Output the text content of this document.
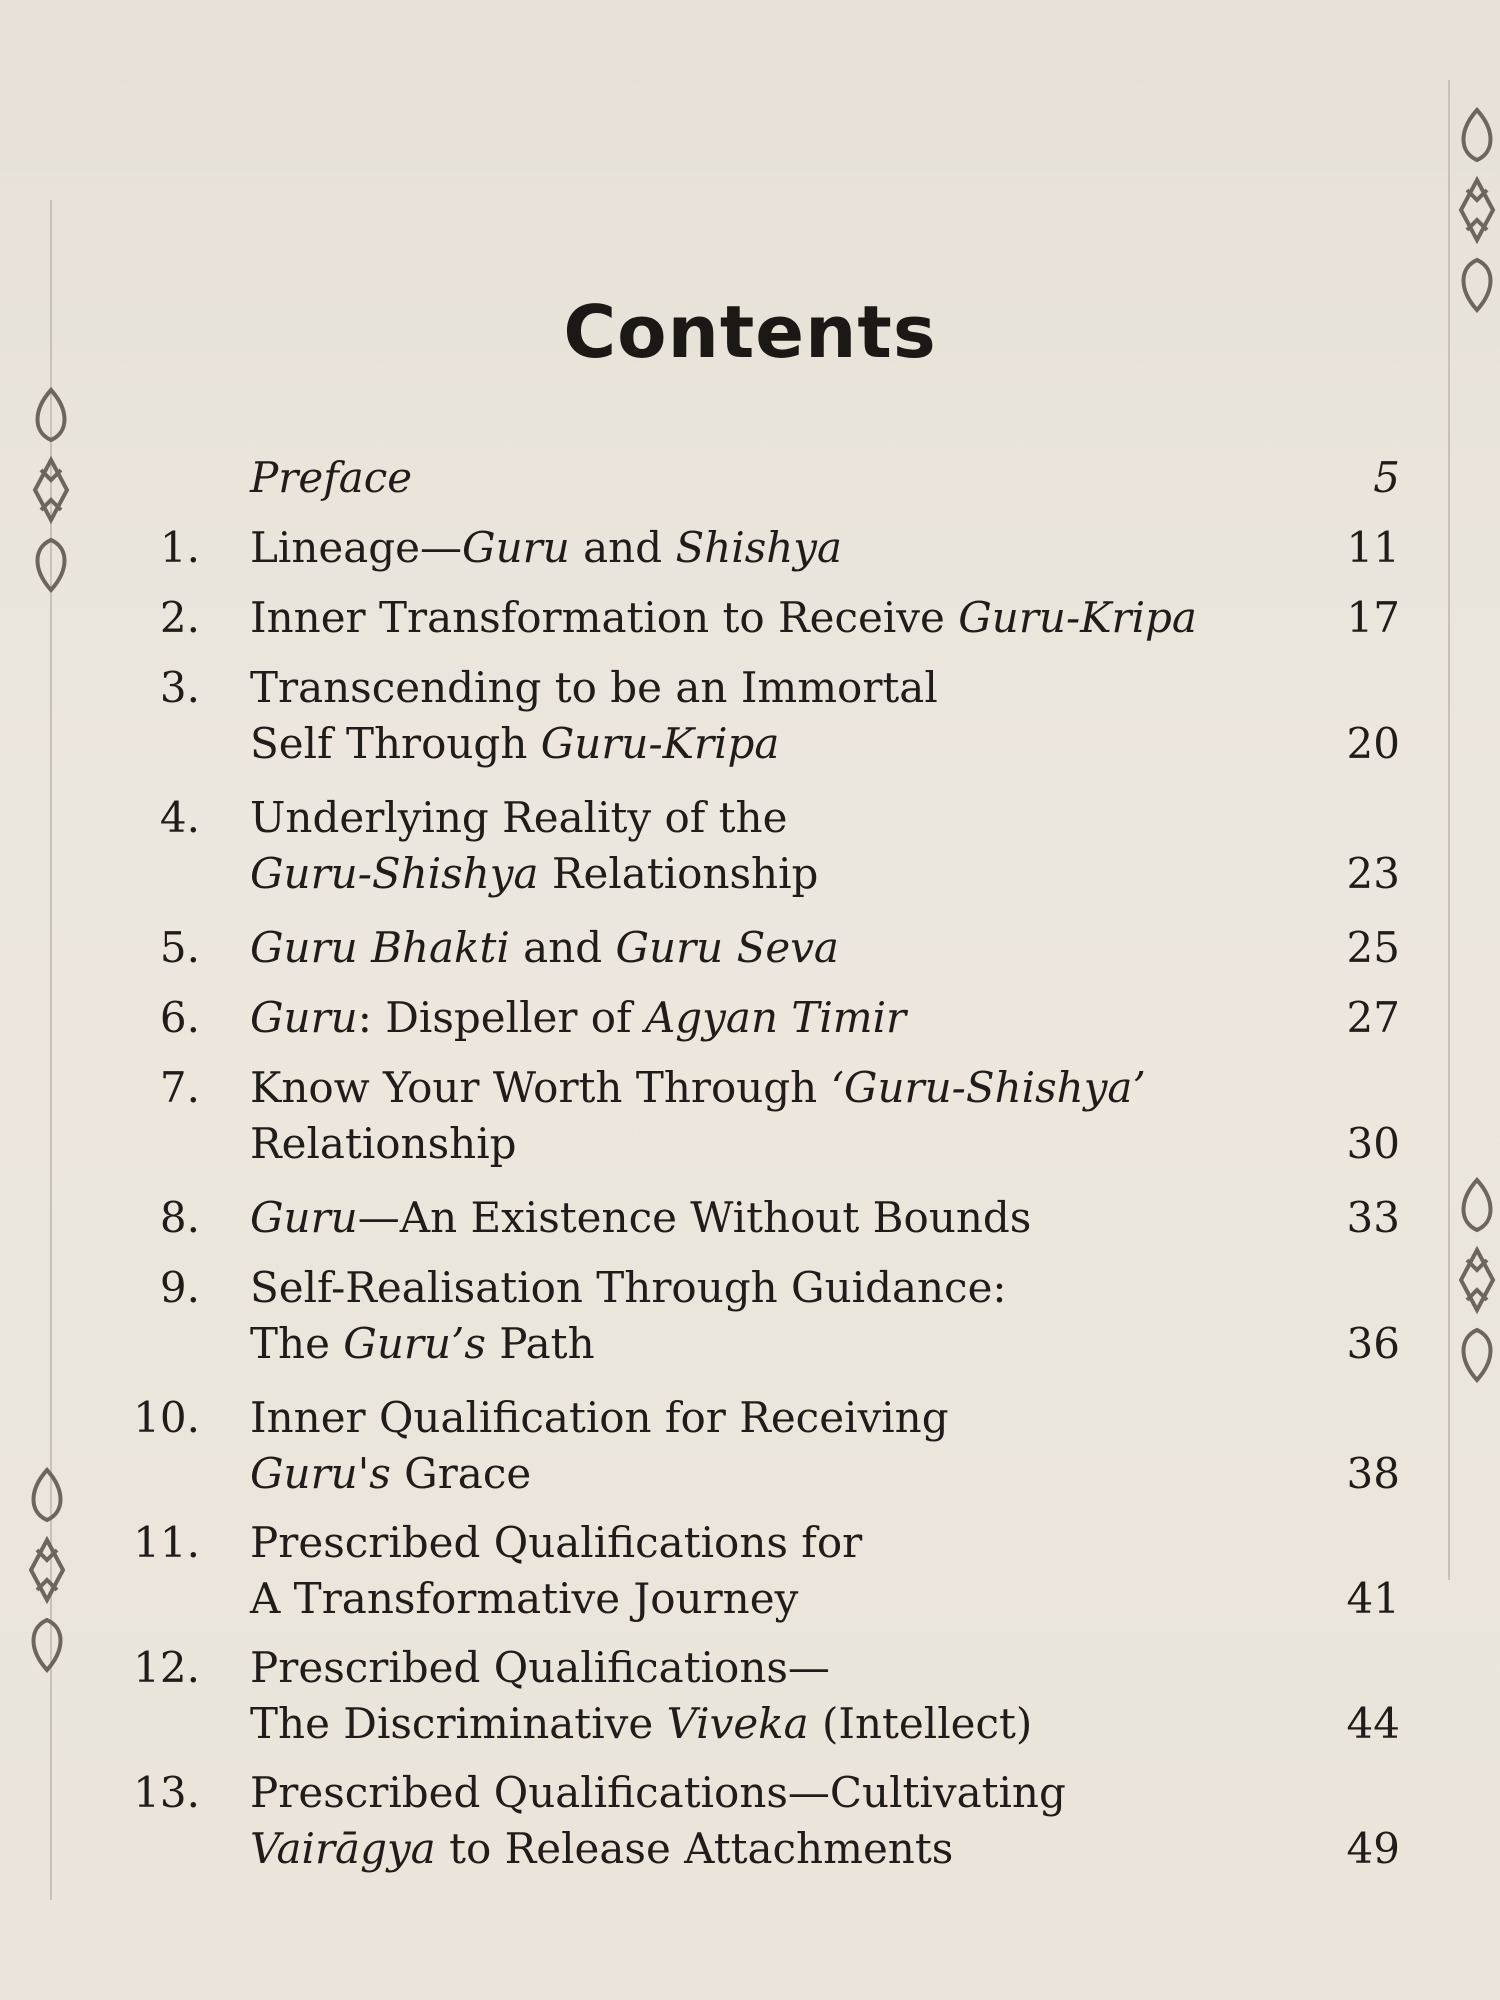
Contents
Preface	5
1. Lineage—Guru and Shishya	11
2. Inner Transformation to Receive Guru-Kripa	17
3. Transcending to be an Immortal
Self Through Guru-Kripa	20
4. Underlying Reality of the
Guru-Shishya Relationship	23
5. Guru Bhakti and Guru Seva	25
6. Guru: Dispeller of Agyan Timir	27
7. Know Your Worth Through ‘Guru-Shishya’
Relationship	30
8. Guru—An Existence Without Bounds	33
9. Self-Realisation Through Guidance:
The Guru’s Path	36
10. Inner Qualification for Receiving
Guru's Grace	38
11. Prescribed Qualifications for
A Transformative Journey	41
12. Prescribed Qualifications—
The Discriminative Viveka (Intellect)	44
13. Prescribed Qualifications—Cultivating
Vairāgya to Release Attachments	49
